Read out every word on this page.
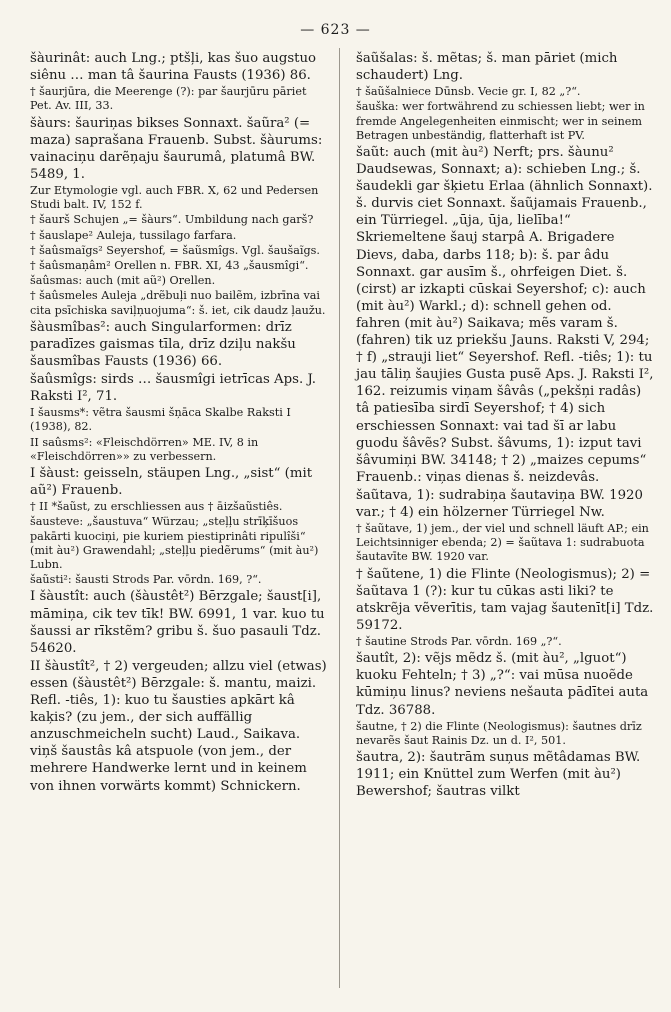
— 623 —

šàurinât: auch Lng.; ptšļi, kas šuo augstuo siênu … man tâ šaurina Fausts (1936) 86.

† šaurjūra, die Meerenge (?): par šaurjūru pāriet Pet. Av. III, 33.

šàurs: šauriņas bikses Sonnaxt. šaũra² (= maza) saprašana Frauenb. Subst. šàurums: vainaciņu darẽņaju šaurumâ, platumâ BW. 5489, 1.

Zur Etymologie vgl. auch FBR. X, 62 und Pedersen Studi balt. IV, 152 f.

† šaurš Schujen „= šàurs“. Umbildung nach garš?

† šauslape² Auleja, tussilago farfara.

† šaûsmaĩgs² Seyershof, = šaũsmîgs. Vgl. šaušaĩgs.

† šaûsmaņâm² Orellen n. FBR. XI, 43 „šausmîgi“.

šaûsmas: auch (mit aũ²) Orellen.

† šaûsmeles Auleja „drẽbuļi nuo bailẽm, izbrīna vai cita psīchiska saviļņuojuma“: š. iet, cik daudz ļaužu.

šàusmîbas²: auch Singularformen: drīz paradīzes gaismas tīla, drīz dziļu nakšu šausmîbas Fausts (1936) 66.

šaûsmîgs: sirds … šausmîgi ietrīcas Aps. J. Raksti I², 71.

I šausms*: vẽtra šausmi šņāca Skalbe Raksti I (1938), 82.

II saûsms²: «Fleischdörren» ME. IV, 8 in «Fleischdörren»» zu verbessern.

I šàust: geisseln, stäupen Lng., „sist“ (mit aũ²) Frauenb.

† II *šaũst, zu erschliessen aus † āizšaũstiês.

šausteve: „šaustuva“ Würzau; „steļļu strīķīšuos pakārti kuociņi, pie kuriem piestiprinâti ripulîši“ (mit àu²) Grawendahl; „steļļu piedẽrums“ (mit àu²) Lubn.

šaũsti²: šausti Strods Par. vōrdn. 169, ?“.

I šàustît: auch (šàustêt²) Bērzgale; šaust[i], māmiņa, cik tev tīk! BW. 6991, 1 var. kuo tu šaussi ar rīkstẽm? gribu š. šuo pasauli Tdz. 54620.

II šàustît², † 2) vergeuden; allzu viel (etwas) essen (šàustêt²) Bērzgale: š. mantu, maizi. Refl. -tiês, 1): kuo tu šausties apkārt kâ kaķis? (zu jem., der sich auffällig anzuschmeicheln sucht) Laud., Saikava. viņš šaustâs kâ atspuole (von jem., der mehrere Handwerke lernt und in keinem von ihnen vorwärts kommt) Schnickern.

šaũšalas: š. mẽtas; š. man pāriet (mich schaudert) Lng.

† šaũšalniece Dūnsb. Vecie gr. I, 82 „?“.

šauška: wer fortwährend zu schiessen liebt; wer in fremde Angelegenheiten einmischt; wer in seinem Betragen unbeständig, flatterhaft ist PV.

šaũt: auch (mit àu²) Nerft; prs. šàunu² Daudsewas, Sonnaxt; a): schieben Lng.; š. šaudekli gar šķietu Erlaa (ähnlich Sonnaxt). š. durvis ciet Sonnaxt. šaũjamais Frauenb., ein Türriegel. „ūja, ūja, lielība!“ Skriemeltene šauj starpâ A. Brigadere Dievs, daba, darbs 118; b): š. par âdu Sonnaxt. gar ausīm š., ohrfeigen Diet. š. (cirst) ar izkapti cūskai Seyershof; c): auch (mit àu²) Warkl.; d): schnell gehen od. fahren (mit àu²) Saikava; mẽs varam š. (fahren) tik uz priekšu Jauns. Raksti V, 294; † f) „strauji liet“ Seyershof. Refl. -tiês; 1): tu jau tāliņ šaujies Gusta pusẽ Aps. J. Raksti I², 162. reizumis viņam šâvâs („pekšņi radâs) tâ patiesība sirdī Seyershof; † 4) sich erschiessen Sonnaxt: vai tad šī ar labu guodu šâvẽs? Subst. šâvums, 1): izput tavi šâvumiņi BW. 34148; † 2) „maizes cepums“ Frauenb.: viņas dienas š. neizdevâs.

šaũtava, 1): sudrabiņa šautaviņa BW. 1920 var.; † 4) ein hölzerner Türriegel Nw.

† šaũtave, 1) jem., der viel und schnell läuft AP.; ein Leichtsinniger ebenda; 2) = šaũtava 1: sudrabuota šautavīte BW. 1920 var.

† šaũtene, 1) die Flinte (Neologismus); 2) = šaũtava 1 (?): kur tu cūkas asti liki? te atskrẽja vẽverītis, tam vajag šautenīt[i] Tdz. 59172.

† šautine Strods Par. vōrdn. 169 „?“.

šautît, 2): vẽjs mẽdz š. (mit àu², „lguot“) kuoku Fehteln; † 3) „?“: vai mūsa nuoẽde kūmiņu linus? neviens nešauta pādītei auta Tdz. 36788.

šautne, † 2) die Flinte (Neologismus): šautnes drīz nevarẽs šaut Rainis Dz. un d. I², 501.

šautra, 2): šautrām suņus mẽtâdamas BW. 1911; ein Knüttel zum Werfen (mit àu²) Bewershof; šautras vilkt
